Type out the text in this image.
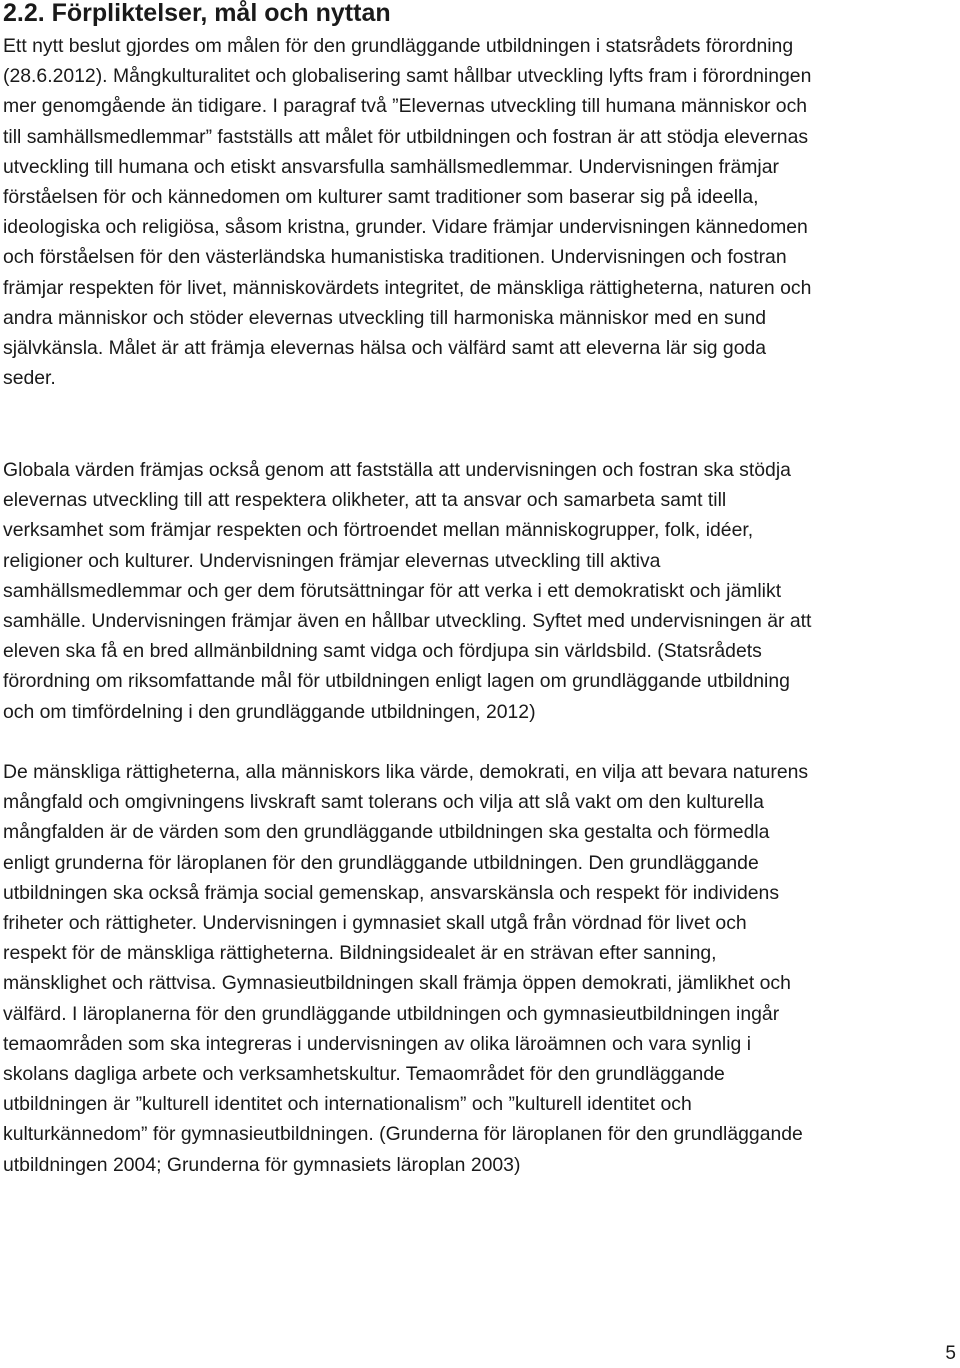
2.2. Förpliktelser, mål och nyttan

Ett nytt beslut gjordes om målen för den grundläggande utbildningen i statsrådets förordning
(28.6.2012). Mångkulturalitet och globalisering samt hållbar utveckling lyfts fram i förordningen
mer genomgående än tidigare. I paragraf två ”Elevernas utveckling till humana människor och
till samhällsmedlemmar” fastställs att målet för utbildningen och fostran är att stödja elevernas
utveckling till humana och etiskt ansvarsfulla samhällsmedlemmar. Undervisningen främjar
förståelsen för och kännedomen om kulturer samt traditioner som baserar sig på ideella,
ideologiska och religiösa, såsom kristna, grunder. Vidare främjar undervisningen kännedomen
och förståelsen för den västerländska humanistiska traditionen. Undervisningen och fostran
främjar respekten för livet, människovärdets integritet, de mänskliga rättigheterna, naturen och
andra människor och stöder elevernas utveckling till harmoniska människor med en sund
självkänsla. Målet är att främja elevernas hälsa och välfärd samt att eleverna lär sig goda
seder.

Globala värden främjas också genom att fastställa att undervisningen och fostran ska stödja
elevernas utveckling till att respektera olikheter, att ta ansvar och samarbeta samt till
verksamhet som främjar respekten och förtroendet mellan människogrupper, folk, idéer,
religioner och kulturer. Undervisningen främjar elevernas utveckling till aktiva
samhällsmedlemmar och ger dem förutsättningar för att verka i ett demokratiskt och jämlikt
samhälle. Undervisningen främjar även en hållbar utveckling. Syftet med undervisningen är att
eleven ska få en bred allmänbildning samt vidga och fördjupa sin världsbild. (Statsrådets
förordning om riksomfattande mål för utbildningen enligt lagen om grundläggande utbildning
och om timfördelning i den grundläggande utbildningen, 2012)

De mänskliga rättigheterna, alla människors lika värde, demokrati, en vilja att bevara naturens
mångfald och omgivningens livskraft samt tolerans och vilja att slå vakt om den kulturella
mångfalden är de värden som den grundläggande utbildningen ska gestalta och förmedla
enligt grunderna för läroplanen för den grundläggande utbildningen. Den grundläggande
utbildningen ska också främja social gemenskap, ansvarskänsla och respekt för individens
friheter och rättigheter. Undervisningen i gymnasiet skall utgå från vördnad för livet och
respekt för de mänskliga rättigheterna. Bildningsidealet är en strävan efter sanning,
mänsklighet och rättvisa. Gymnasieutbildningen skall främja öppen demokrati, jämlikhet och
välfärd. I läroplanerna för den grundläggande utbildningen och gymnasieutbildningen ingår
temaområden som ska integreras i undervisningen av olika läroämnen och vara synlig i
skolans dagliga arbete och verksamhetskultur. Temaområdet för den grundläggande
utbildningen är ”kulturell identitet och internationalism” och ”kulturell identitet och
kulturkännedom” för gymnasieutbildningen. (Grunderna för läroplanen för den grundläggande
utbildningen 2004; Grunderna för gymnasiets läroplan 2003)

5
